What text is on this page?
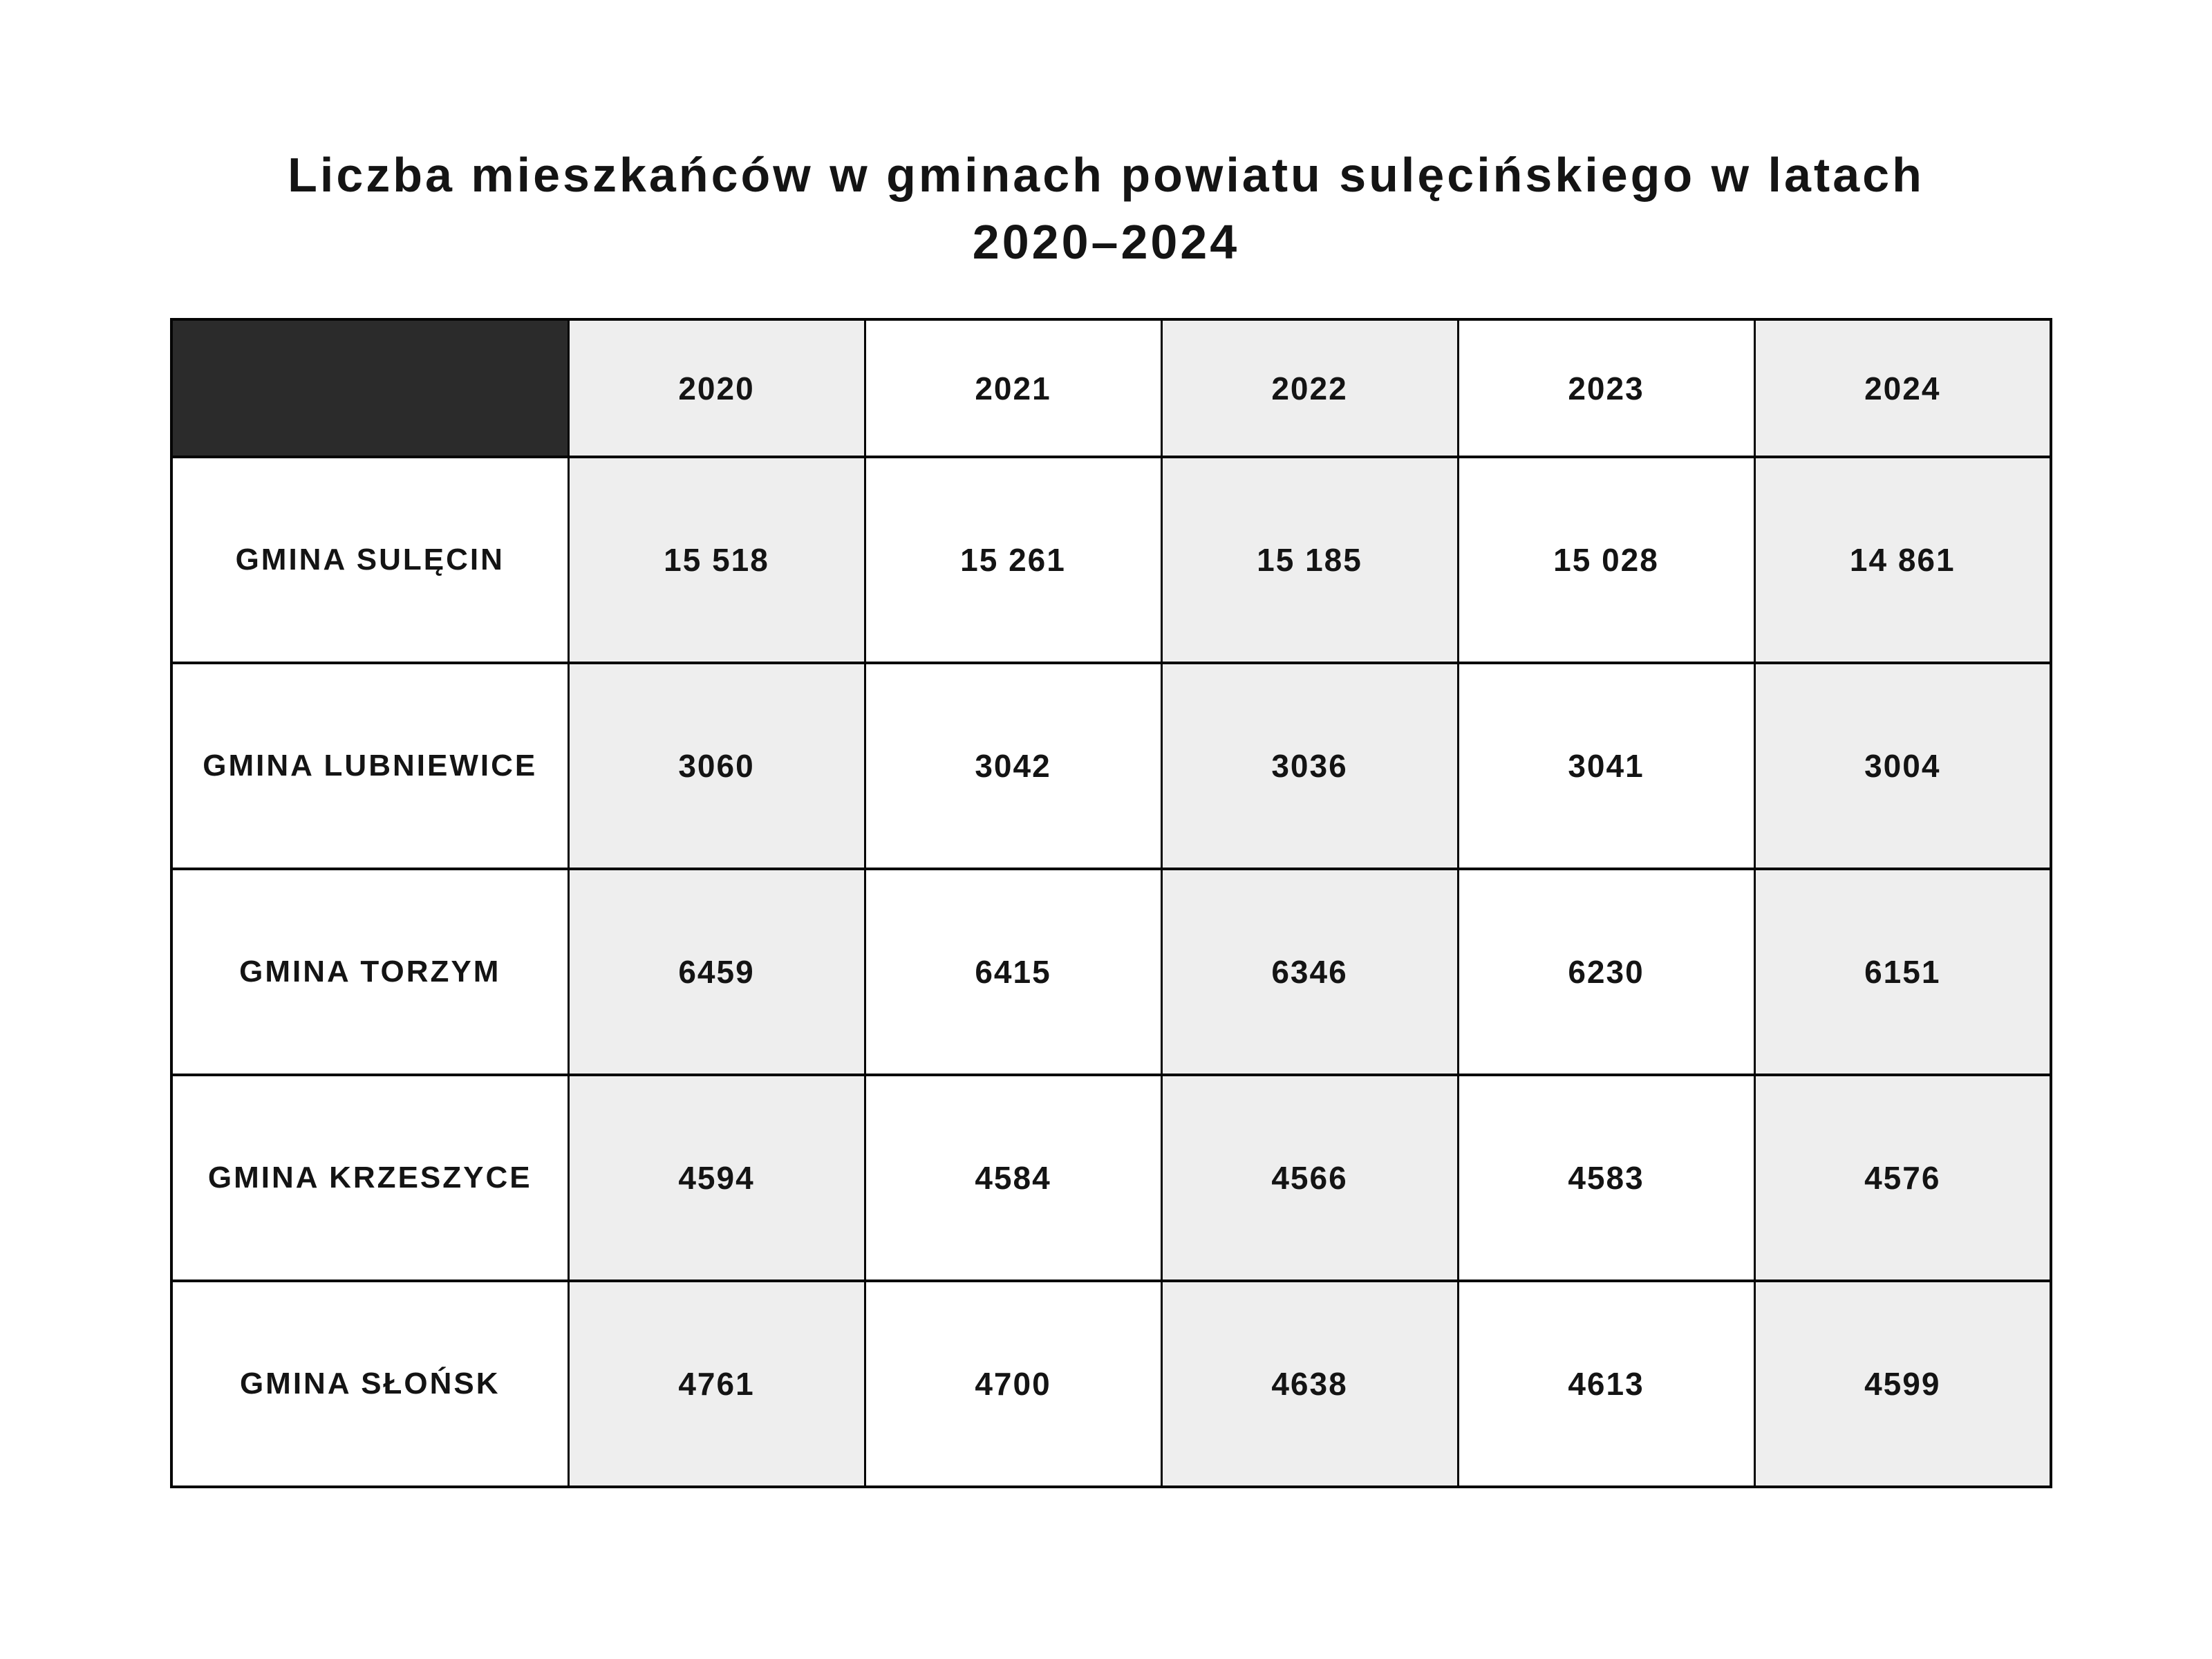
Liczba mieszkańców w gminach powiatu sulęcińskiego w latach
2020–2024
	2020	2021	2022	2023	2024
GMINA SULĘCIN	15 518	15 261	15 185	15 028	14 861
GMINA LUBNIEWICE	3060	3042	3036	3041	3004
GMINA TORZYM	6459	6415	6346	6230	6151
GMINA KRZESZYCE	4594	4584	4566	4583	4576
GMINA SŁOŃSK	4761	4700	4638	4613	4599
